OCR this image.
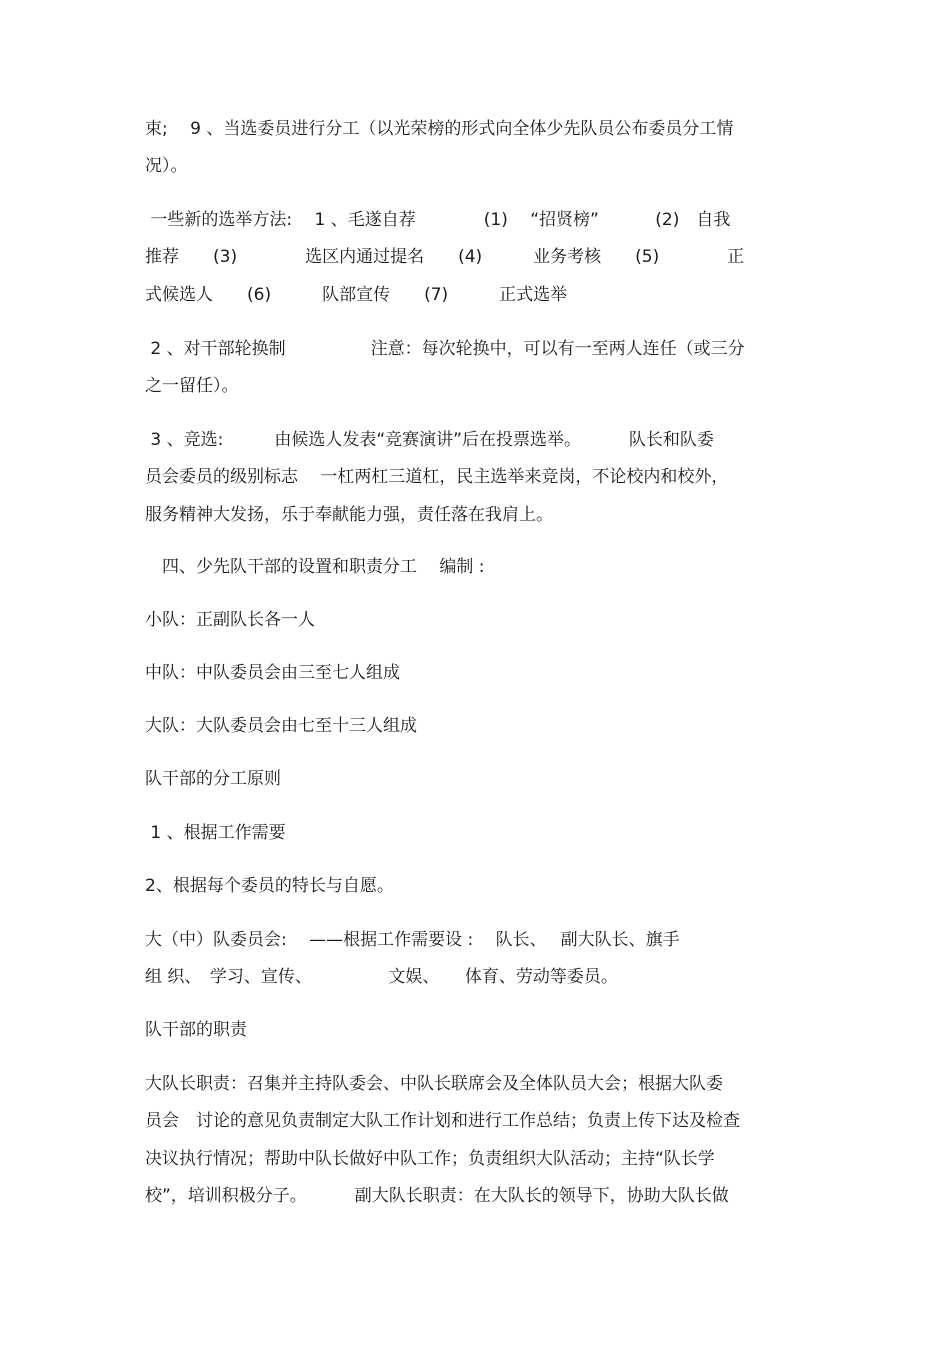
束;　 9 、当选委员进行分工（以光荣榜的形式向全体少先队员公布委员分工情
况）。
一些新的选举方法:　 1 、毛遂自荐　　　　(1)　 “招贤榜”　　　 (2)　自我
推荐　　(3)　　　　选区内通过提名　　(4)　　　业务考核　　(5)　　　　正
式候选人　　(6)　　　队部宣传　　(7)　　　正式选举
2 、对干部轮换制　　　　　注意：每次轮换中，可以有一至两人连任（或三分
之一留任）。
3 、竞选:　　　由候选人发表“竞赛演讲”后在投票选举。　　　 队长和队委
员会委员的级别标志　 一杠两杠三道杠，民主选举来竞岗，不论校内和校外，
服务精神大发扬，乐于奉献能力强，责任落在我肩上。
　四、少先队干部的设置和职责分工　 编制 :
小队：正副队长各一人
中队：中队委员会由三至七人组成
大队：大队委员会由七至十三人组成
队干部的分工原则
1 、根据工作需要
2、根据每个委员的特长与自愿。
大（中）队委员会:　 ——根据工作需要设 :　 队长、　 副大队长、旗手
组 织、　学习、宣传、　　　　　文娱、　　体育、劳动等委员。
队干部的职责
大队长职责：召集并主持队委会、中队长联席会及全体队员大会；根据大队委
员会　讨论的意见负责制定大队工作计划和进行工作总结；负责上传下达及检查
决议执行情况；帮助中队长做好中队工作；负责组织大队活动；主持“队长学
校”，培训积极分子。　　　 副大队长职责：在大队长的领导下，协助大队长做
